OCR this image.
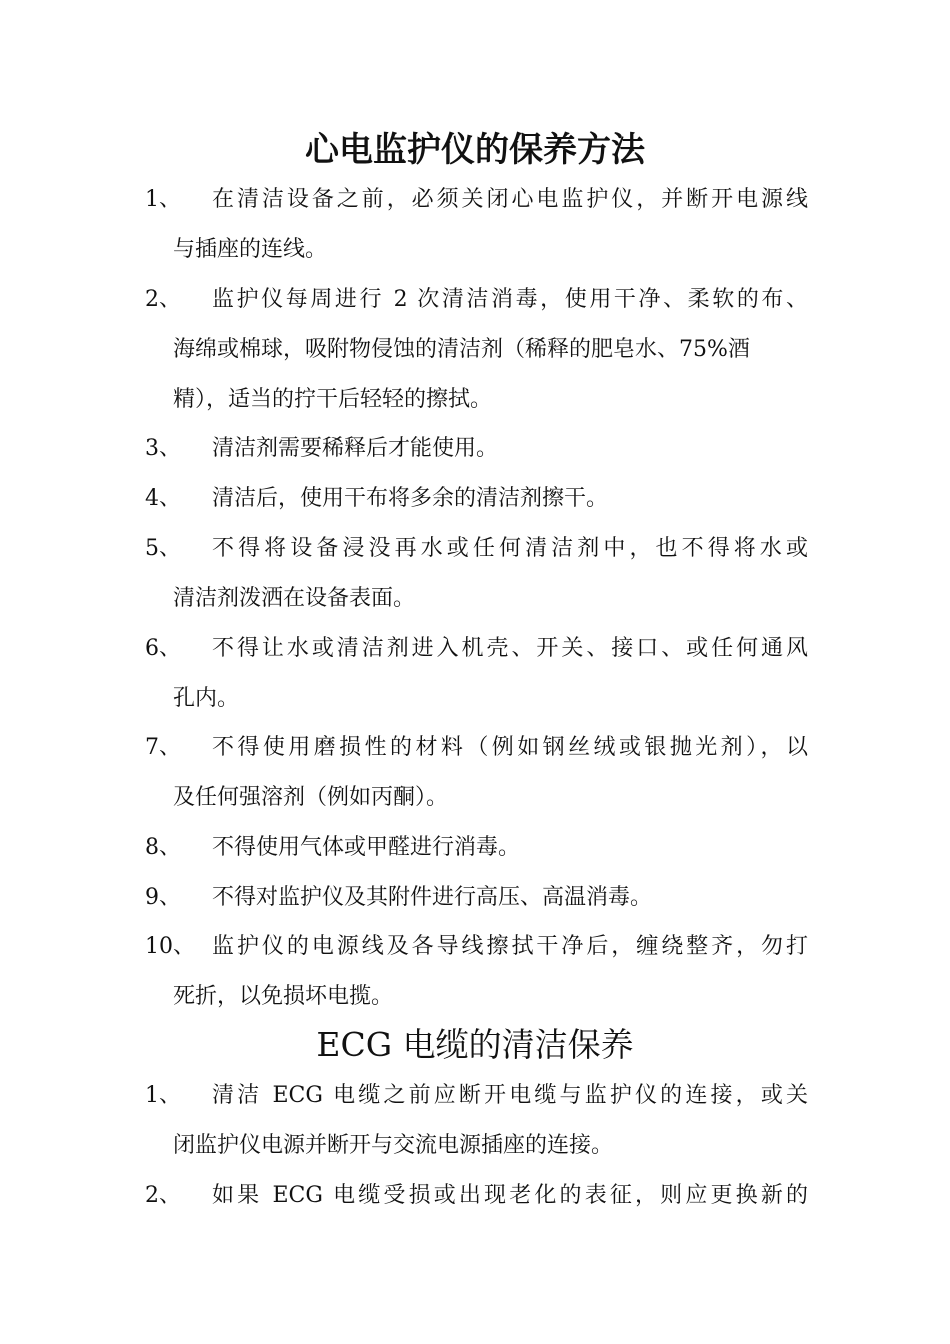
心电监护仪的保养方法
1、 在清洁设备之前，必须关闭心电监护仪，并断开电源线
与插座的连线。
2、 监护仪每周进行 2 次清洁消毒，使用干净、柔软的布、
海绵或棉球，吸附物侵蚀的清洁剂（稀释的肥皂水、75%酒
精），适当的拧干后轻轻的擦拭。
3、 清洁剂需要稀释后才能使用。
4、 清洁后，使用干布将多余的清洁剂擦干。
5、 不得将设备浸没再水或任何清洁剂中，也不得将水或
清洁剂泼洒在设备表面。
6、 不得让水或清洁剂进入机壳、开关、接口、或任何通风
孔内。
7、 不得使用磨损性的材料（例如钢丝绒或银抛光剂），以
及任何强溶剂（例如丙酮）。
8、 不得使用气体或甲醛进行消毒。
9、 不得对监护仪及其附件进行高压、高温消毒。
10、 监护仪的电源线及各导线擦拭干净后，缠绕整齐，勿打
死折，以免损坏电揽。
ECG 电缆的清洁保养
1、 清洁 ECG 电缆之前应断开电缆与监护仪的连接，或关
闭监护仪电源并断开与交流电源插座的连接。
2、 如果 ECG 电缆受损或出现老化的表征，则应更换新的
